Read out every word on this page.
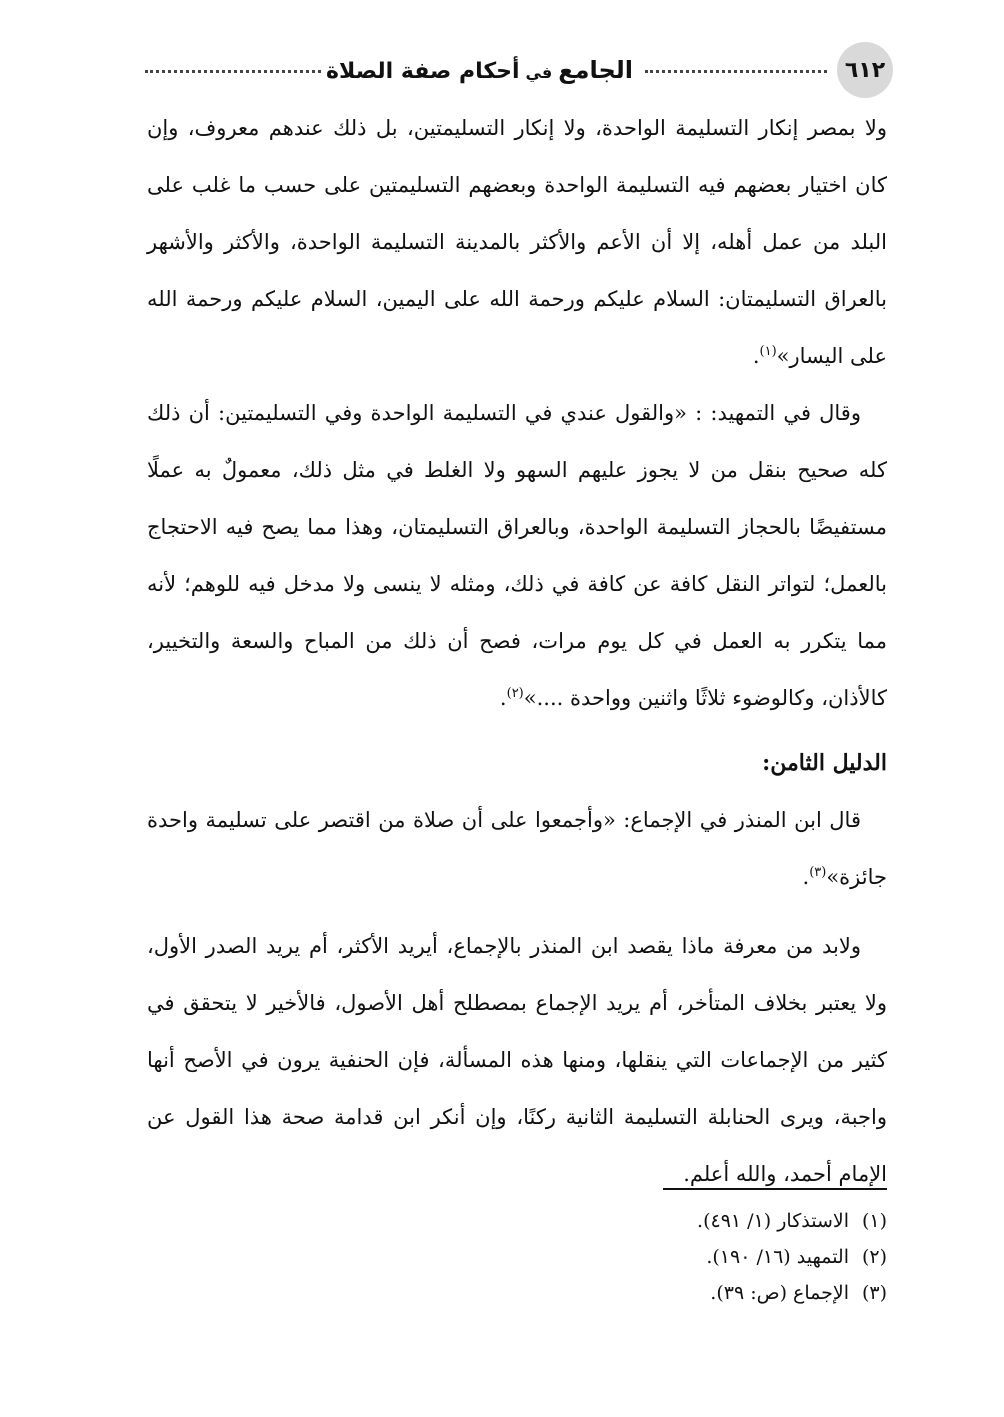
٦١٢
الجامع
في
أحكام صفة الصلاة

ولا بمصر إنكار التسليمة الواحدة، ولا إنكار التسليمتين، بل ذلك عندهم معروف، وإن كان اختيار بعضهم فيه التسليمة الواحدة وبعضهم التسليمتين على حسب ما غلب على البلد من عمل أهله، إلا أن الأعم والأكثر بالمدينة التسليمة الواحدة، والأكثر والأشهر بالعراق التسليمتان: السلام عليكم ورحمة الله على اليمين، السلام عليكم ورحمة الله على اليسار»$^{(١)}$.

وقال في التمهيد: : «والقول عندي في التسليمة الواحدة وفي التسليمتين: أن ذلك كله صحيح بنقل من لا يجوز عليهم السهو ولا الغلط في مثل ذلك، معمولٌ به عملًا مستفيضًا بالحجاز التسليمة الواحدة، وبالعراق التسليمتان، وهذا مما يصح فيه الاحتجاج بالعمل؛ لتواتر النقل كافة عن كافة في ذلك، ومثله لا ينسى ولا مدخل فيه للوهم؛ لأنه مما يتكرر به العمل في كل يوم مرات، فصح أن ذلك من المباح والسعة والتخيير، كالأذان، وكالوضوء ثلاثًا واثنين وواحدة ....»$^{(٢)}$.

الدليل الثامن:

قال ابن المنذر في الإجماع: «وأجمعوا على أن صلاة من اقتصر على تسليمة واحدة جائزة»$^{(٣)}$.

ولابد من معرفة ماذا يقصد ابن المنذر بالإجماع، أيريد الأكثر، أم يريد الصدر الأول، ولا يعتبر بخلاف المتأخر، أم يريد الإجماع بمصطلح أهل الأصول، فالأخير لا يتحقق في كثير من الإجماعات التي ينقلها، ومنها هذه المسألة، فإن الحنفية يرون في الأصح أنها واجبة، ويرى الحنابلة التسليمة الثانية ركنًا، وإن أنكر ابن قدامة صحة هذا القول عن الإمام أحمد، والله أعلم.

(١)الاستذكار (١/ ٤٩١).
(٢)التمهيد (١٦/ ١٩٠).
(٣)الإجماع (ص: ٣٩).
